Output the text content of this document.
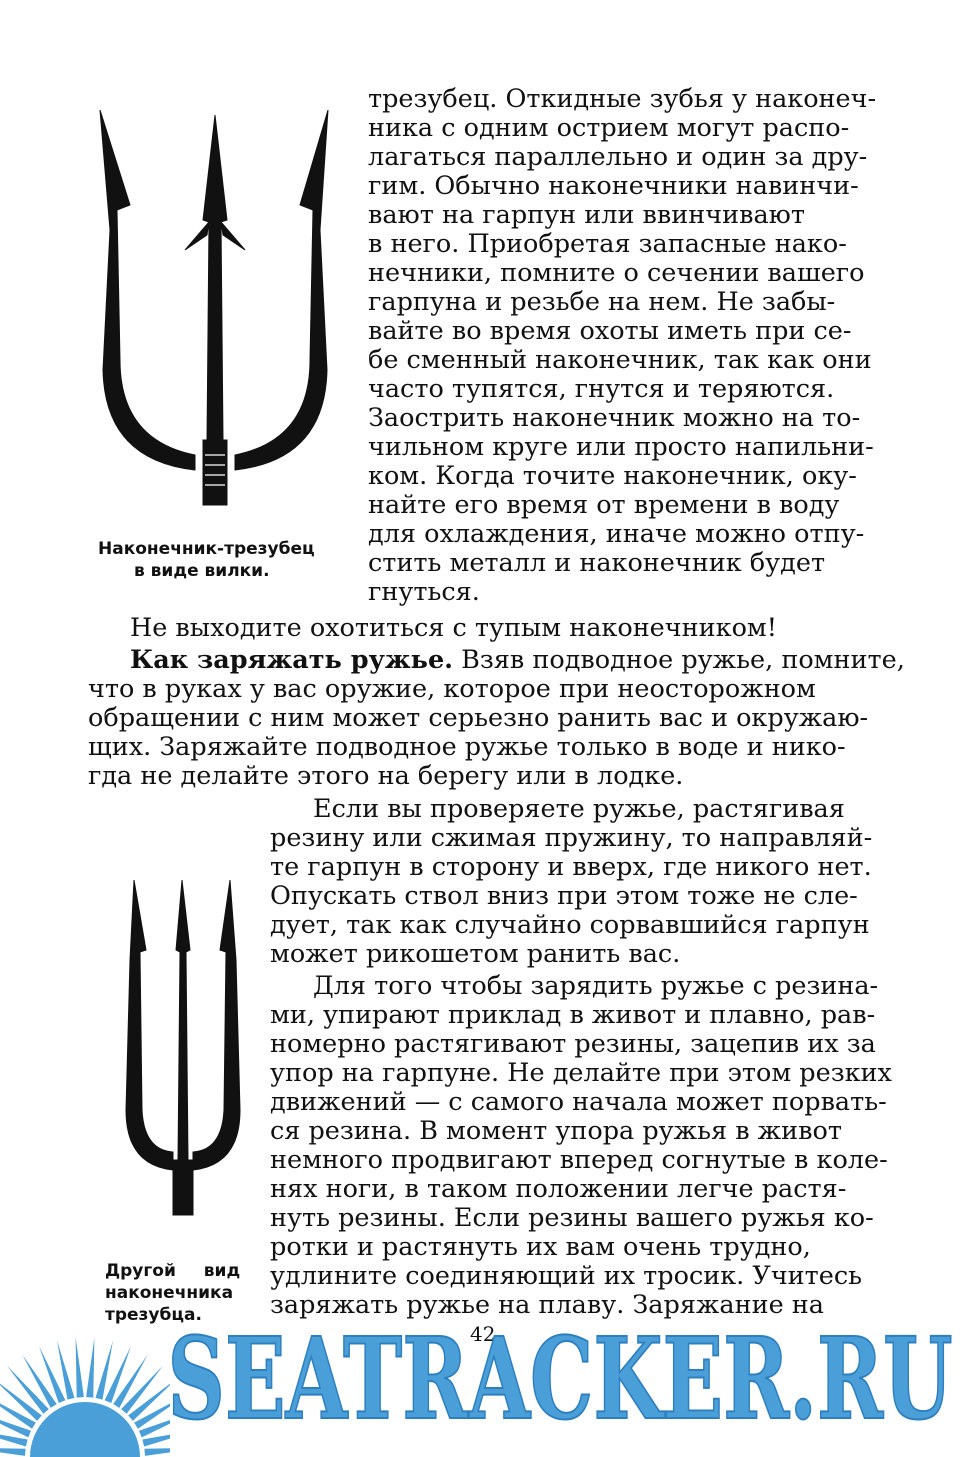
Наконечник-трезубец
в виде вилки.
трезубец. Откидные зубья у наконеч-
ника с одним острием могут распо-
лагаться параллельно и один за дру-
гим. Обычно наконечники навинчи-
вают на гарпун или ввинчивают
в него. Приобретая запасные нако-
нечники, помните о сечении вашего
гарпуна и резьбе на нем. Не забы-
вайте во время охоты иметь при се-
бе сменный наконечник, так как они
часто тупятся, гнутся и теряются.
Заострить наконечник можно на то-
чильном круге или просто напильни-
ком. Когда точите наконечник, оку-
найте его время от времени в воду
для охлаждения, иначе можно отпу-
стить металл и наконечник будет
гнуться.
Не выходите охотиться с тупым наконечником!
Как заряжать ружье. Взяв подводное ружье, помните,
что в руках у вас оружие, которое при неосторожном
обращении с ним может серьезно ранить вас и окружаю-
щих. Заряжайте подводное ружье только в воде и нико-
гда не делайте этого на берегу или в лодке.
Другой вид
наконечника
трезубца.
Если вы проверяете ружье, растягивая
резину или сжимая пружину, то направляй-
те гарпун в сторону и вверх, где никого нет.
Опускать ствол вниз при этом тоже не сле-
дует, так как случайно сорвавшийся гарпун
может рикошетом ранить вас.
Для того чтобы зарядить ружье с резина-
ми, упирают приклад в живот и плавно, рав-
номерно растягивают резины, зацепив их за
упор на гарпуне. Не делайте при этом резких
движений — с самого начала может порвать-
ся резина. В момент упора ружья в живот
немного продвигают вперед согнутые в коле-
нях ноги, в таком положении легче растя-
нуть резины. Если резины вашего ружья ко-
ротки и растянуть их вам очень трудно,
удлините соединяющий их тросик. Учитесь
заряжать ружье на плаву. Заряжание на
42
SEATRACKER.RU
